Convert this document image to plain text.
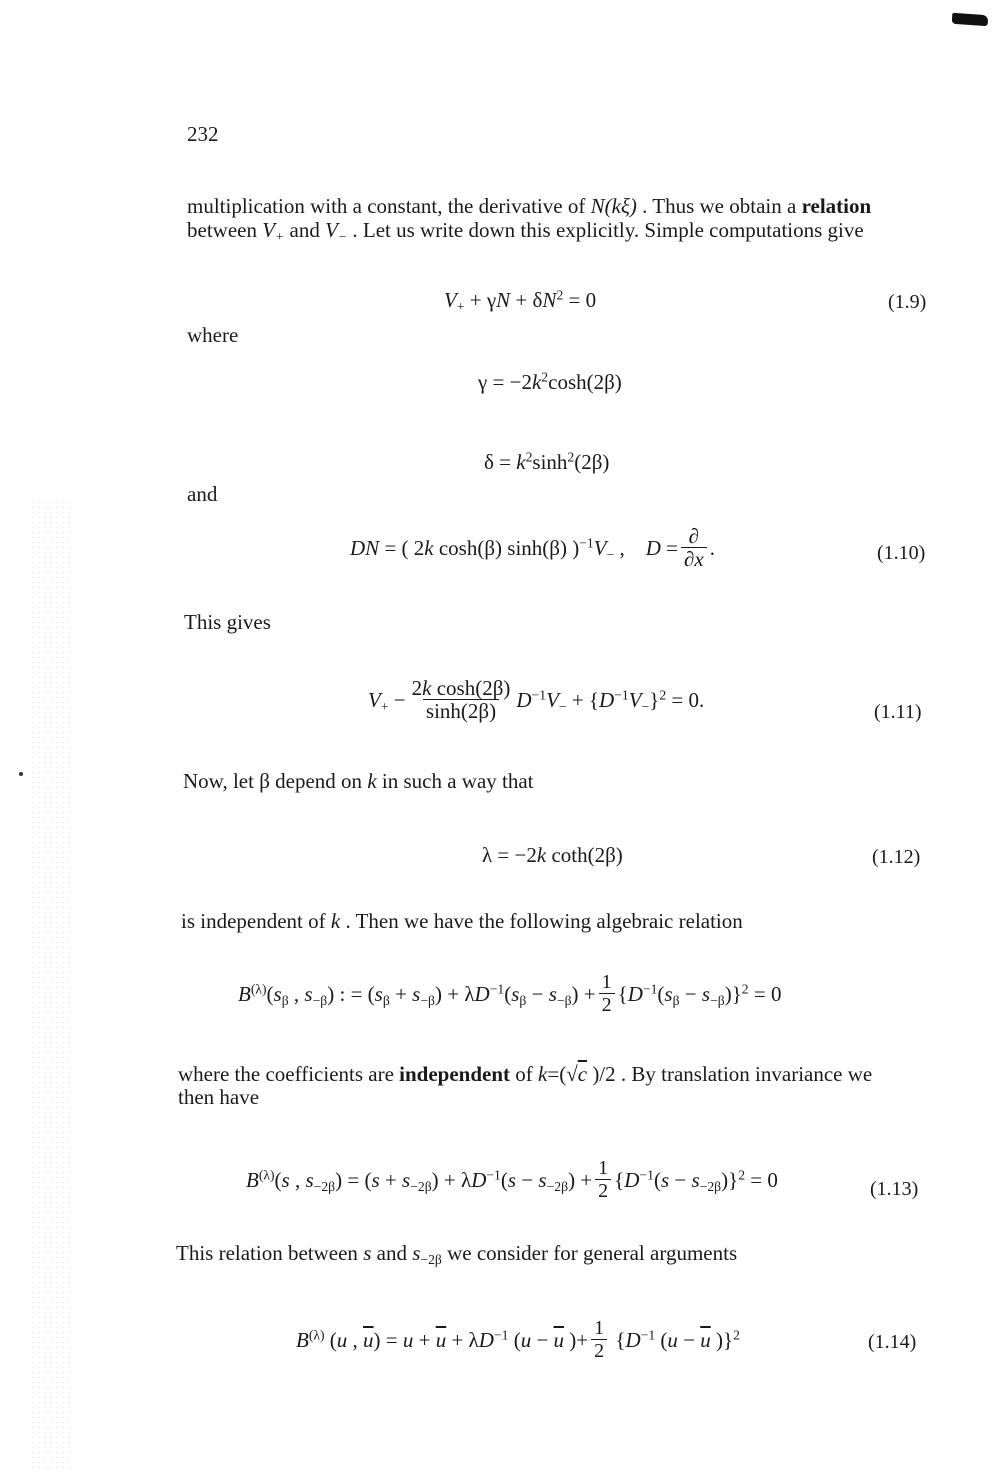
232
multiplication with a constant, the derivative of N(kξ) . Thus we obtain a relation
between $V_+$ and $V_-$ . Let us write down this explicitly. Simple computations give
$V_+ + \gamma N + \delta N^2 = 0$	(1.9)
where
$\gamma = -2k^2\cosh(2\beta)$
$\delta = k^2\sinh^2(2\beta)$
and
DN = ( 2k cosh(β) sinh(β) )$^{-1}V_-$ ,    $D = \frac{\partial}{\partial x}$ .	(1.10)
This gives
$V_+ - \frac{\text{2k cosh(2β)}}{\sinh(2\beta)} D^{-1}V_- + \{D^{-1}V_-\}^2 = 0$.
(1.11)
Now, let β depend on k in such a way that
λ = −2k coth(2β)	(1.12)
is independent of k . Then we have the following algebraic relation
$B^{(\lambda)}(s_\beta$ , $s_{-\beta}$) : = $(s_\beta + s_{-\beta}) + \lambda D^{-1}(s_\beta - s_{-\beta}) + \frac{1}{2} \{D^{-1}(s_\beta - s_{-\beta})\}^2 = 0$
where the coefficients are independent of k=(√c )/2 . By translation invariance we
then have
$B^{(\lambda)}(s$ , $s_{-2\beta}) = (s + s_{-2\beta}) + \lambda D^{-1}(s - s_{-2\beta}) + \frac{1}{2} \{D^{-1}(s - s_{-2\beta})\}^2 = 0$	(1.13)
This relation between s and $s_{-2\beta}$ we consider for general arguments
$B^{(\lambda)}$ (u , $\overline{u}) = u + \overline{u} + \lambda D^{-1}$ ($u - \overline{u}$ )+ $\frac{1}{2} \{D^{-1}$ ($u - \overline{u}$ )}$^2$	(1.14)
